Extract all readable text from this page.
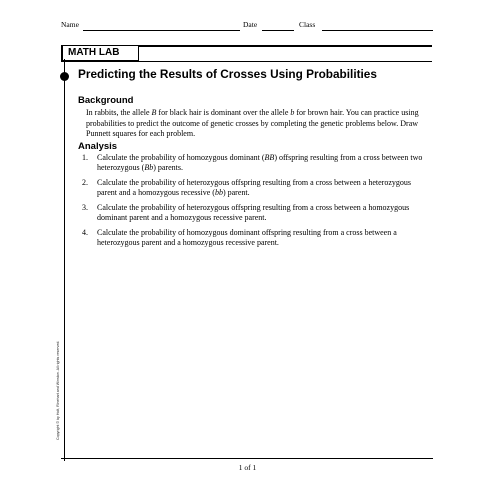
Name	Date	Class
MATH LAB
Predicting the Results of Crosses Using Probabilities
Background
In rabbits, the allele B for black hair is dominant over the allele b for brown hair. You can practice using probabilities to predict the outcome of genetic crosses by completing the genetic problems below. Draw Punnett squares for each problem.
Analysis
1. Calculate the probability of homozygous dominant (BB) offspring resulting from a cross between two heterozygous (Bb) parents.
2. Calculate the probability of heterozygous offspring resulting from a cross between a heterozygous parent and a homozygous recessive (bb) parent.
3. Calculate the probability of heterozygous offspring resulting from a cross between a homozygous dominant parent and a homozygous recessive parent.
4. Calculate the probability of homozygous dominant offspring resulting from a cross between a heterozygous parent and a homozygous recessive parent.
Copyright © by Holt, Rinehart and Winston. All rights reserved.
1 of 1
